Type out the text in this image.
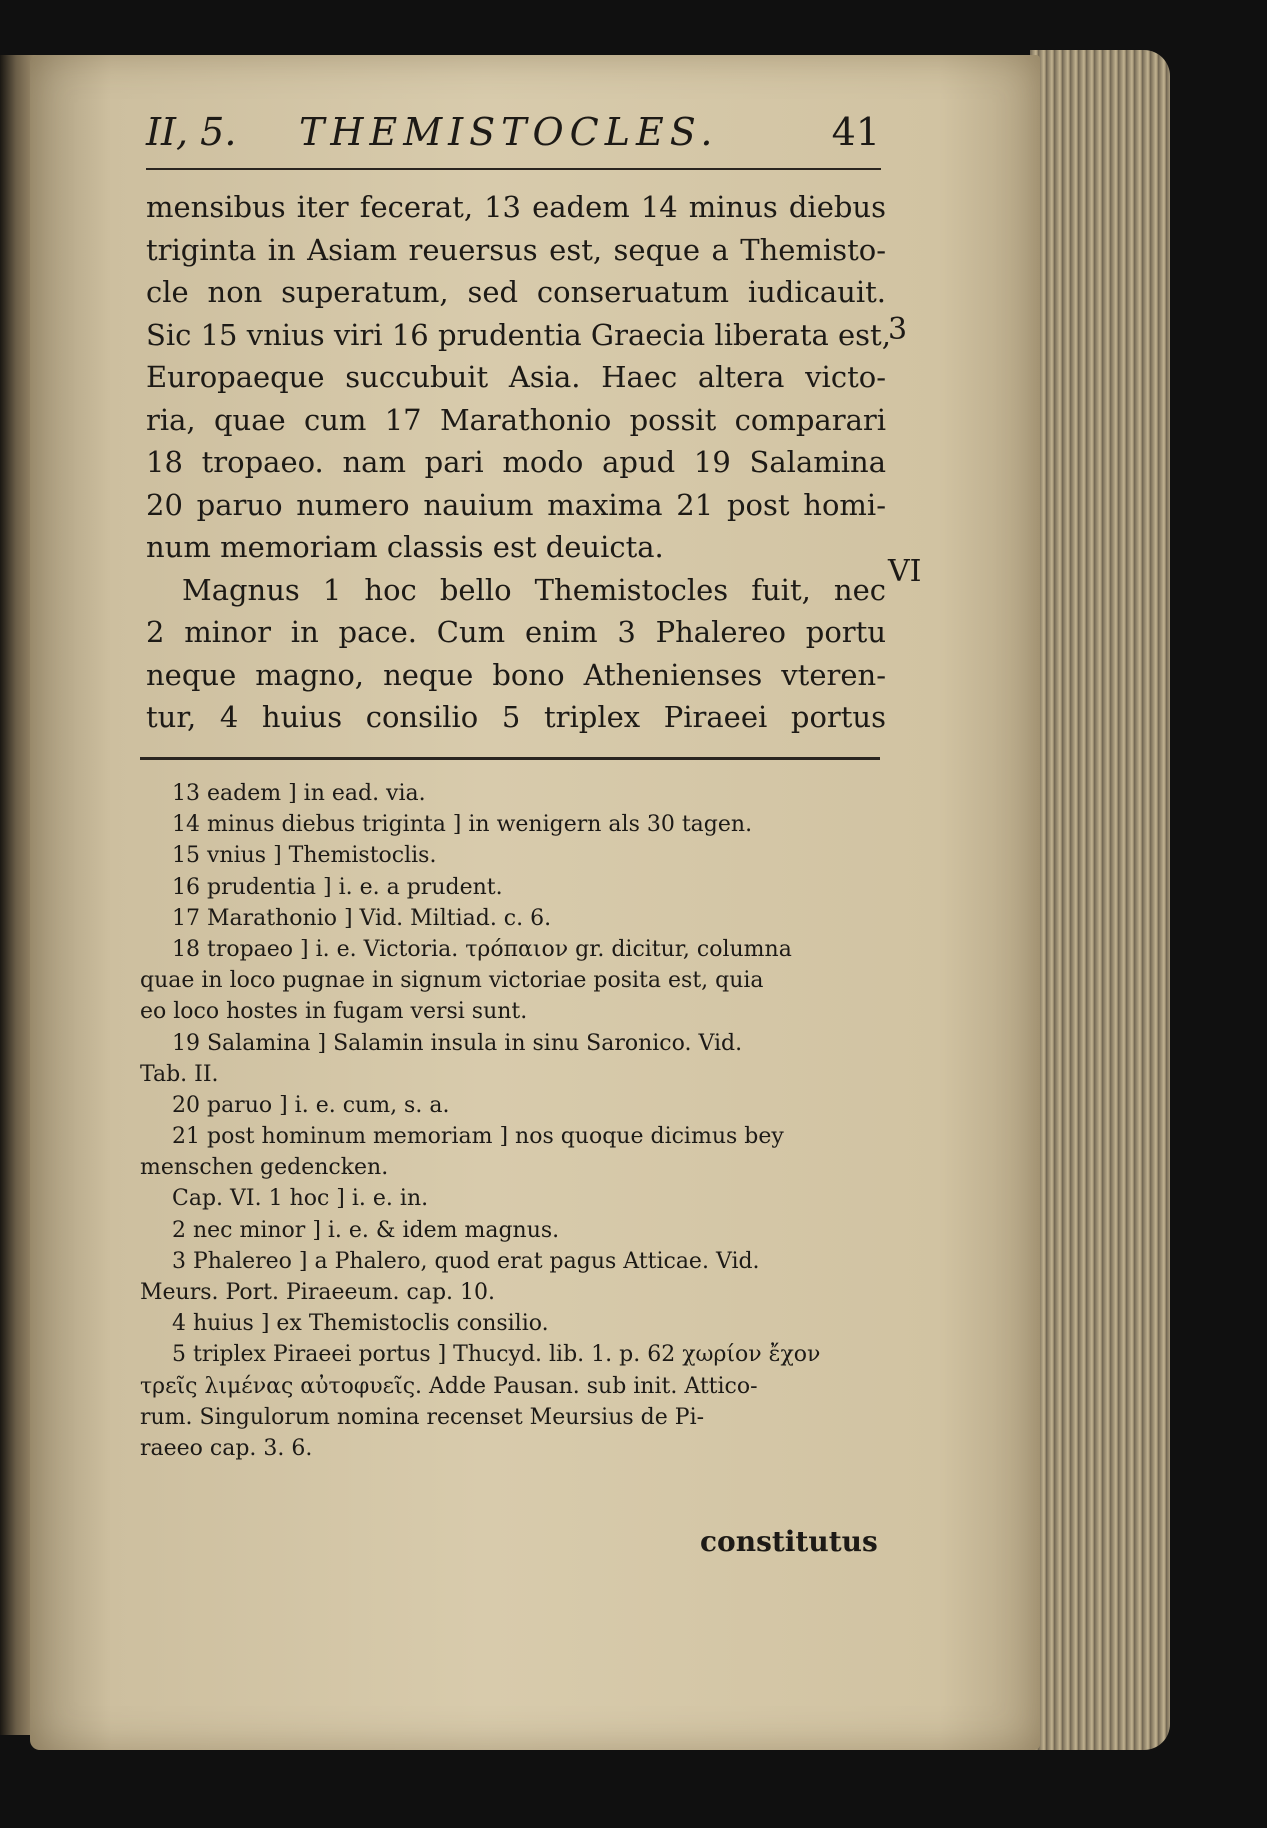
II, 5. THEMISTOCLES.	41
mensibus iter fecerat, 13 eadem 14 minus diebus
triginta in Asiam reuersus est, seque a Themisto-
cle non superatum, sed conseruatum iudicauit.
Sic 15 vnius viri 16 prudentia Graecia liberata est,
Europaeque succubuit Asia. Haec altera victo-
ria, quae cum 17 Marathonio possit comparari
18 tropaeo. nam pari modo apud 19 Salamina
20 paruo numero nauium maxima 21 post homi-
num memoriam classis est deuicta.
Magnus 1 hoc bello Themistocles fuit, nec
2 minor in pace. Cum enim 3 Phalereo portu
neque magno, neque bono Athenienses vteren-
tur, 4 huius consilio 5 triplex Piraeei portus
3
VI
13 eadem ] in ead. via.
14 minus diebus triginta ] in wenigern als 30 tagen.
15 vnius ] Themistoclis.
16 prudentia ] i. e. a prudent.
17 Marathonio ] Vid. Miltiad. c. 6.
18 tropaeo ] i. e. Victoria. τρόπαιον gr. dicitur, columna
quae in loco pugnae in signum victoriae posita est, quia
eo loco hostes in fugam versi sunt.
19 Salamina ] Salamin insula in sinu Saronico. Vid.
Tab. II.
20 paruo ] i. e. cum, s. a.
21 post hominum memoriam ] nos quoque dicimus bey
menschen gedencken.
Cap. VI. 1 hoc ] i. e. in.
2 nec minor ] i. e. & idem magnus.
3 Phalereo ] a Phalero, quod erat pagus Atticae. Vid.
Meurs. Port. Piraeeum. cap. 10.
4 huius ] ex Themistoclis consilio.
5 triplex Piraeei portus ] Thucyd. lib. 1. p. 62 χωρίον ἔχον
τρεῖς λιμένας αὐτοφυεῖς. Adde Pausan. sub init. Attico-
rum. Singulorum nomina recenset Meursius de Pi-
raeeo cap. 3. 6.
constitutus
